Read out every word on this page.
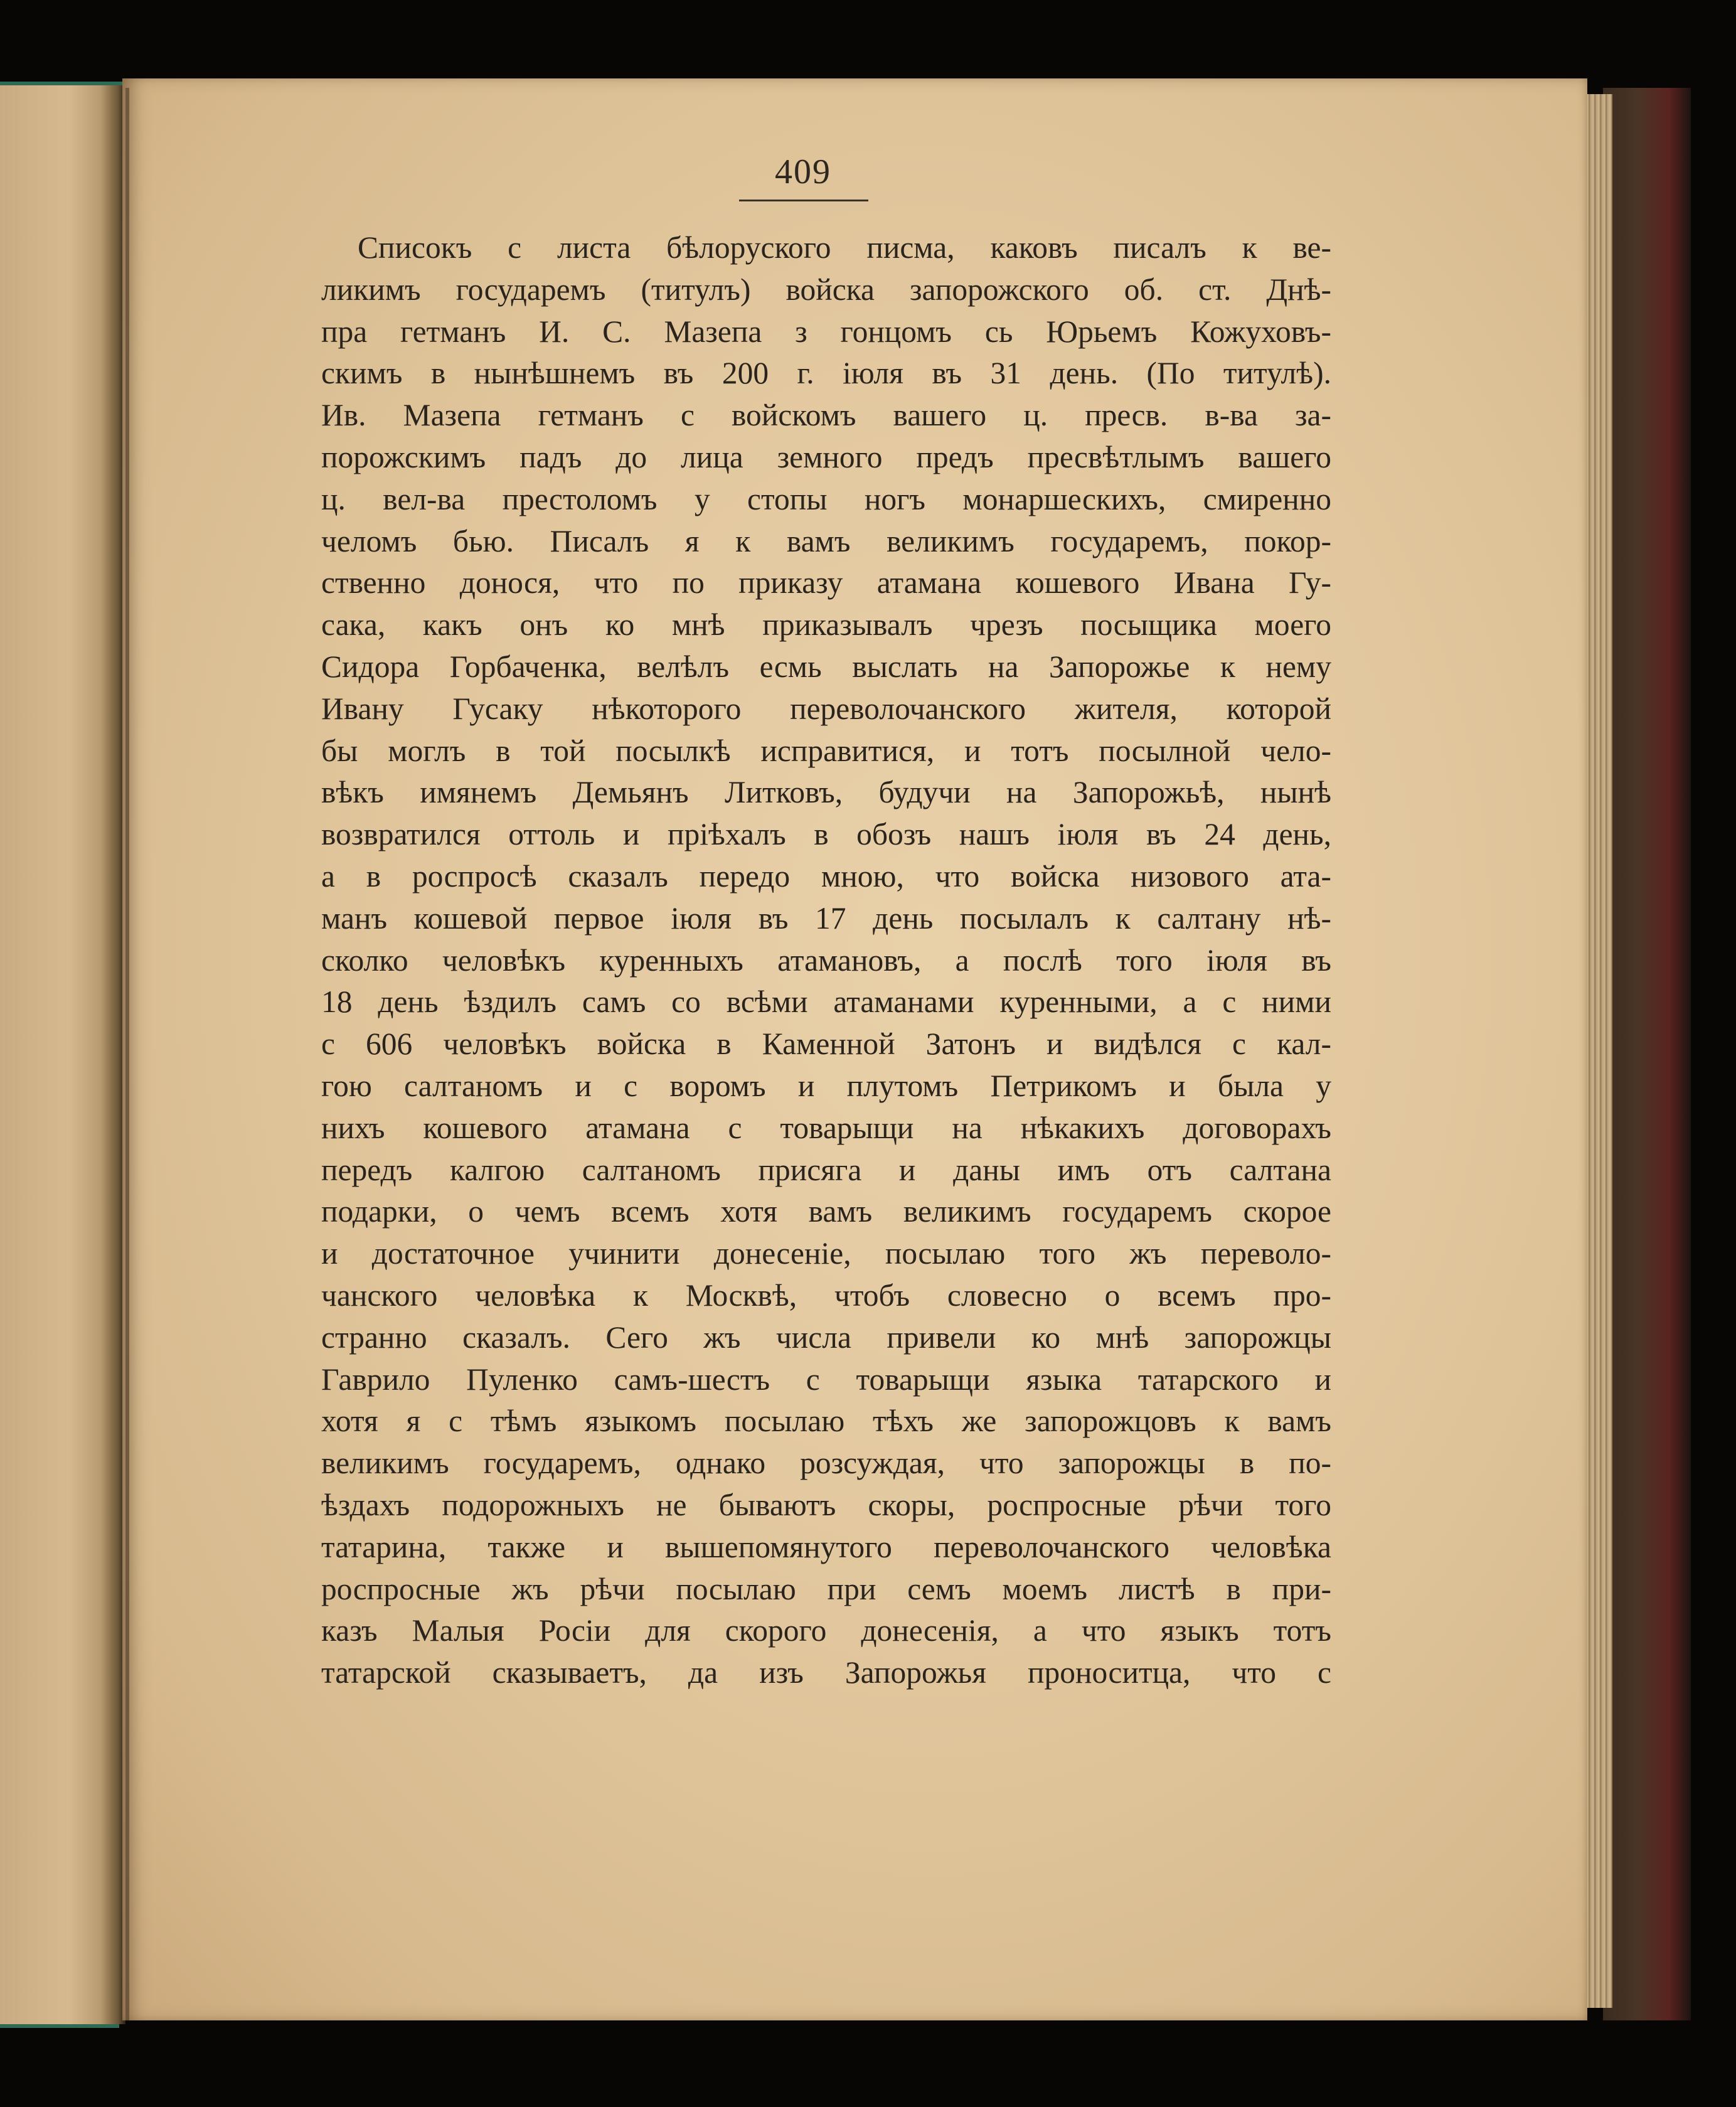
409
Списокъ с листа бѣлоруского писма, каковъ писалъ к ве-
ликимъ государемъ (титулъ) войска запорожского об. ст. Днѣ-
пра гетманъ И. С. Мазепа з гонцомъ сь Юрьемъ Кожуховъ-
скимъ в нынѣшнемъ въ 200 г. iюля въ 31 день. (По титулѣ).
Ив. Мазепа гетманъ с войскомъ вашего ц. пресв. в-ва за-
порожскимъ падъ до лица земного предъ пресвѣтлымъ вашего
ц. вел-ва престоломъ у стопы ногъ монаршескихъ, смиренно
челомъ бью. Писалъ я к вамъ великимъ государемъ, покор-
ственно донося, что по приказу атамана кошевого Ивана Гу-
сака, какъ онъ ко мнѣ приказывалъ чрезъ посыщика моего
Сидора Горбаченка, велѣлъ есмь выслать на Запорожье к нему
Ивану Гусаку нѣкоторого переволочанского жителя, которой
бы моглъ в той посылкѣ исправитися, и тотъ посылной чело-
вѣкъ имянемъ Демьянъ Литковъ, будучи на Запорожьѣ, нынѣ
возвратился оттоль и прiѣхалъ в обозъ нашъ iюля въ 24 день,
а в роспросѣ сказалъ передо мною, что войска низового ата-
манъ кошевой первое iюля въ 17 день посылалъ к салтану нѣ-
сколко человѣкъ куренныхъ атамановъ, а послѣ того iюля въ
18 день ѣздилъ самъ со всѣми атаманами куренными, а с ними
с 606 человѣкъ войска в Каменной Затонъ и видѣлся с кал-
гою салтаномъ и с воромъ и плутомъ Петрикомъ и была у
нихъ кошевого атамана с товарыщи на нѣкакихъ договорахъ
передъ калгою салтаномъ присяга и даны имъ отъ салтана
подарки, о чемъ всемъ хотя вамъ великимъ государемъ скорое
и достаточное учинити донесенiе, посылаю того жъ переволо-
чанского человѣка к Москвѣ, чтобъ словесно о всемъ про-
странно сказалъ. Сего жъ числа привели ко мнѣ запорожцы
Гаврило Пуленко самъ-шестъ с товарыщи языка татарского и
хотя я с тѣмъ языкомъ посылаю тѣхъ же запорожцовъ к вамъ
великимъ государемъ, однако розсуждая, что запорожцы в по-
ѣздахъ подорожныхъ не бываютъ скоры, роспросные рѣчи того
татарина, также и вышепомянутого переволочанского человѣка
роспросные жъ рѣчи посылаю при семъ моемъ листѣ в при-
казъ Малыя Росiи для скорого донесенiя, а что языкъ тотъ
татарской сказываетъ, да изъ Запорожья проноситца, что с
